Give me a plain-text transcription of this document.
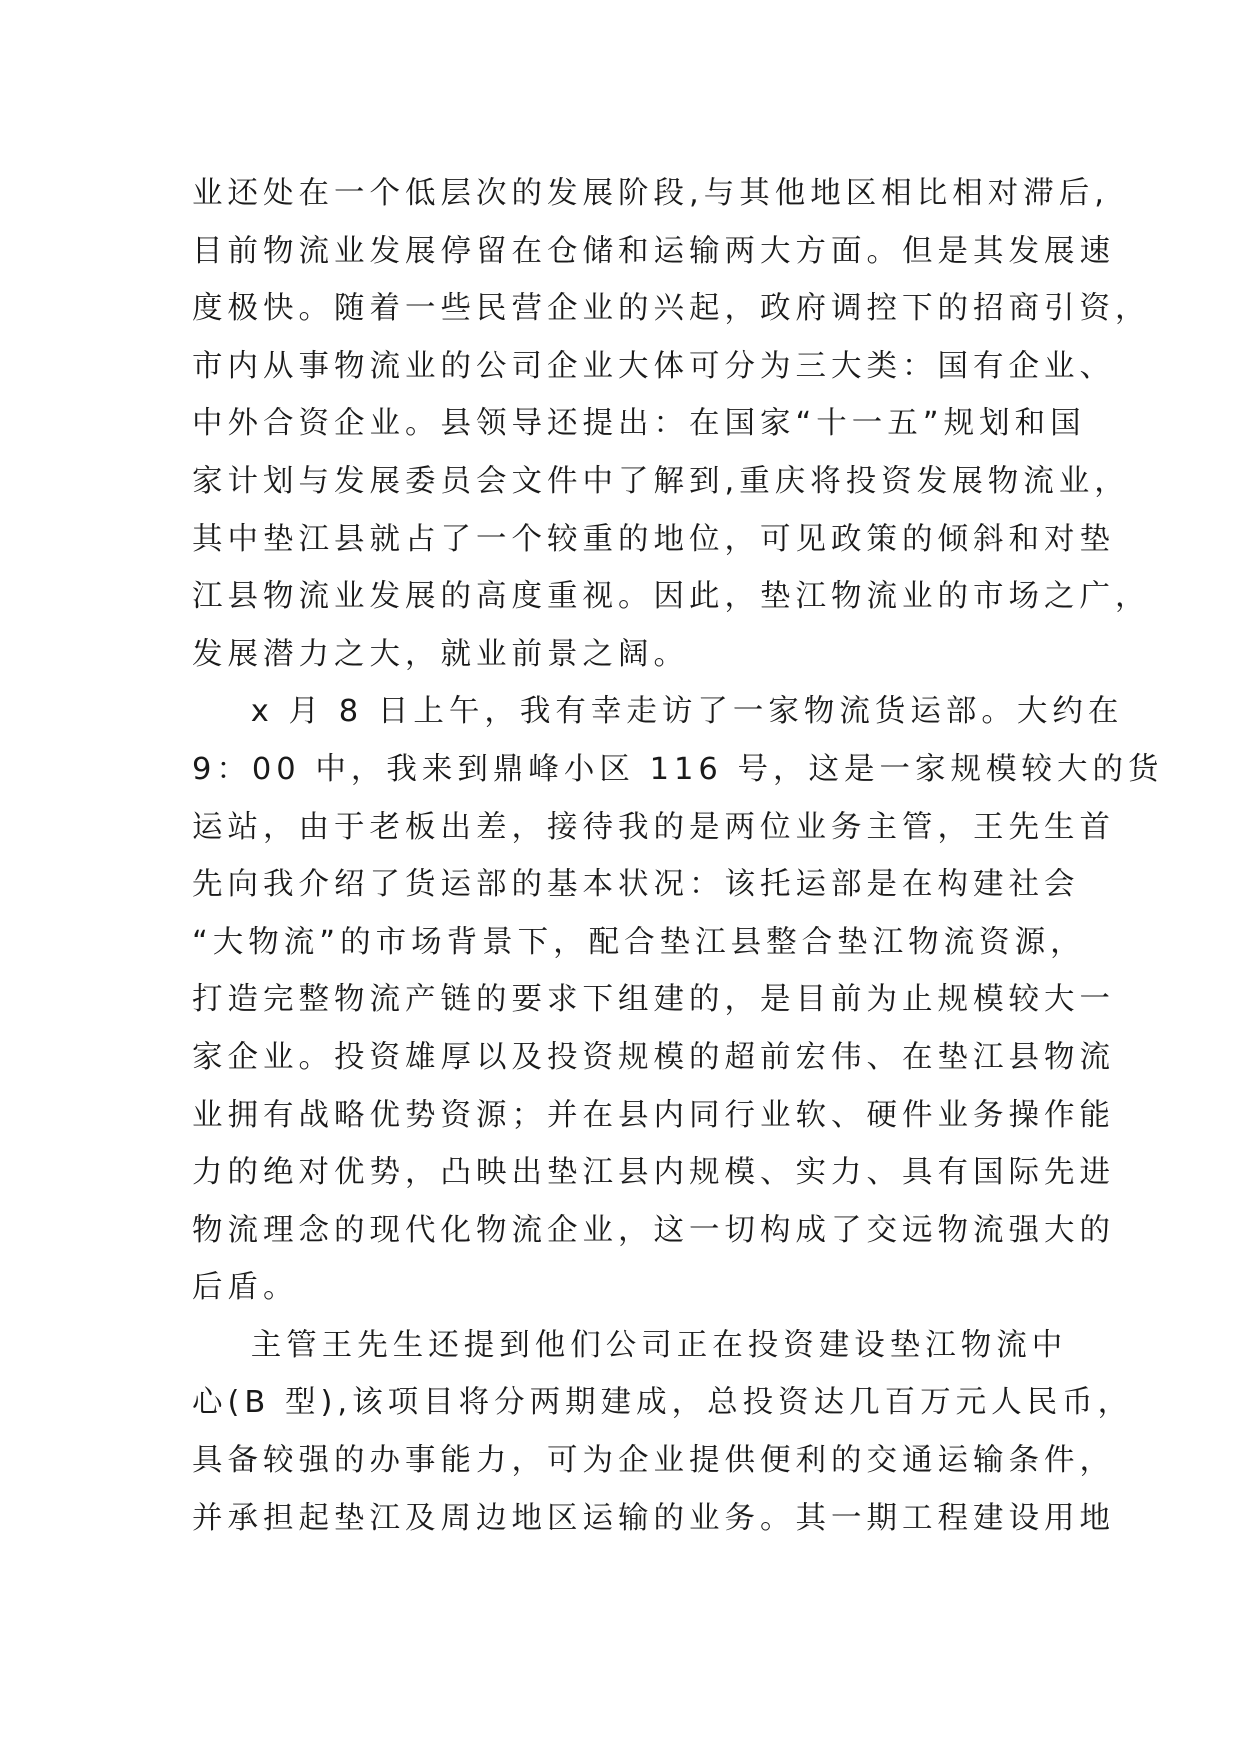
业还处在一个低层次的发展阶段,与其他地区相比相对滞后,
目前物流业发展停留在仓储和运输两大方面。但是其发展速
度极快。随着一些民营企业的兴起，政府调控下的招商引资，
市内从事物流业的公司企业大体可分为三大类：国有企业、
中外合资企业。县领导还提出：在国家“十一五”规划和国
家计划与发展委员会文件中了解到,重庆将投资发展物流业，
其中垫江县就占了一个较重的地位，可见政策的倾斜和对垫
江县物流业发展的高度重视。因此，垫江物流业的市场之广，
发展潜力之大，就业前景之阔。
x 月 8 日上午，我有幸走访了一家物流货运部。大约在
9：00 中，我来到鼎峰小区 116 号，这是一家规模较大的货
运站，由于老板出差，接待我的是两位业务主管，王先生首
先向我介绍了货运部的基本状况：该托运部是在构建社会
“大物流”的市场背景下，配合垫江县整合垫江物流资源，
打造完整物流产链的要求下组建的，是目前为止规模较大一
家企业。投资雄厚以及投资规模的超前宏伟、在垫江县物流
业拥有战略优势资源；并在县内同行业软、硬件业务操作能
力的绝对优势，凸映出垫江县内规模、实力、具有国际先进
物流理念的现代化物流企业，这一切构成了交远物流强大的
后盾。
主管王先生还提到他们公司正在投资建设垫江物流中
心(B 型),该项目将分两期建成，总投资达几百万元人民币，
具备较强的办事能力，可为企业提供便利的交通运输条件，
并承担起垫江及周边地区运输的业务。其一期工程建设用地
